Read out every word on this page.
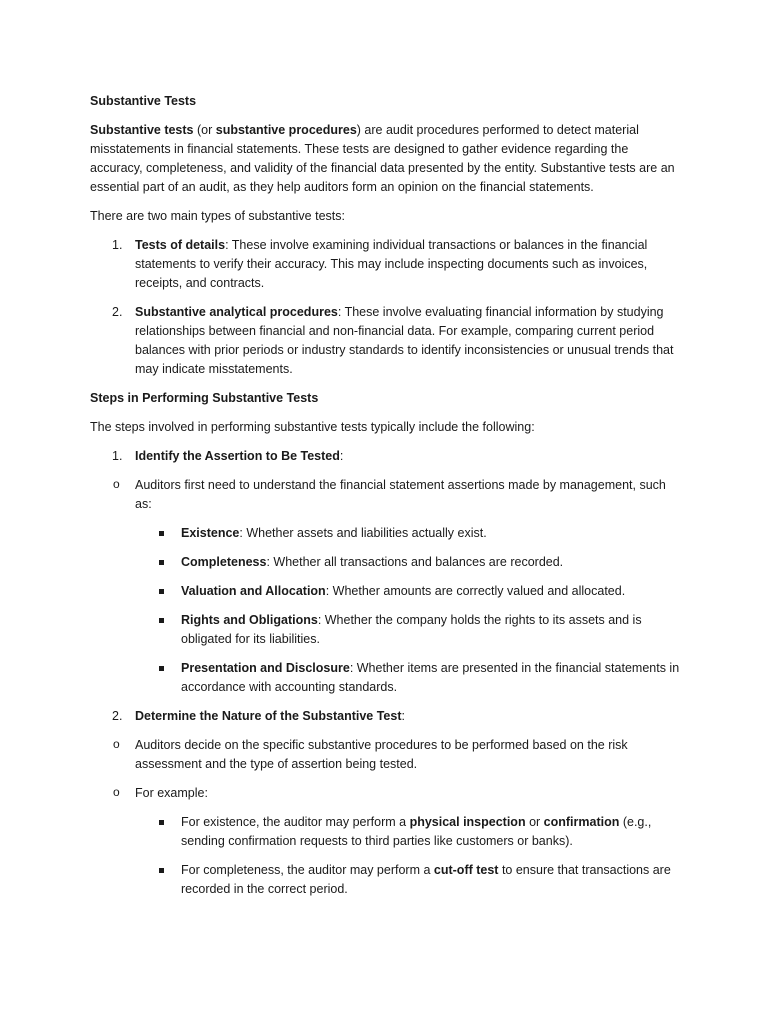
Substantive Tests

Substantive tests (or substantive procedures) are audit procedures performed to detect material misstatements in financial statements. These tests are designed to gather evidence regarding the accuracy, completeness, and validity of the financial data presented by the entity. Substantive tests are an essential part of an audit, as they help auditors form an opinion on the financial statements.

There are two main types of substantive tests:

1. Tests of details: These involve examining individual transactions or balances in the financial statements to verify their accuracy. This may include inspecting documents such as invoices, receipts, and contracts.
2. Substantive analytical procedures: These involve evaluating financial information by studying relationships between financial and non-financial data. For example, comparing current period balances with prior periods or industry standards to identify inconsistencies or unusual trends that may indicate misstatements.

Steps in Performing Substantive Tests

The steps involved in performing substantive tests typically include the following:

1. Identify the Assertion to Be Tested:
o Auditors first need to understand the financial statement assertions made by management, such as:
Existence: Whether assets and liabilities actually exist.
Completeness: Whether all transactions and balances are recorded.
Valuation and Allocation: Whether amounts are correctly valued and allocated.
Rights and Obligations: Whether the company holds the rights to its assets and is obligated for its liabilities.
Presentation and Disclosure: Whether items are presented in the financial statements in accordance with accounting standards.
2. Determine the Nature of the Substantive Test:
o Auditors decide on the specific substantive procedures to be performed based on the risk assessment and the type of assertion being tested.
o For example:
For existence, the auditor may perform a physical inspection or confirmation (e.g., sending confirmation requests to third parties like customers or banks).
For completeness, the auditor may perform a cut-off test to ensure that transactions are recorded in the correct period.
